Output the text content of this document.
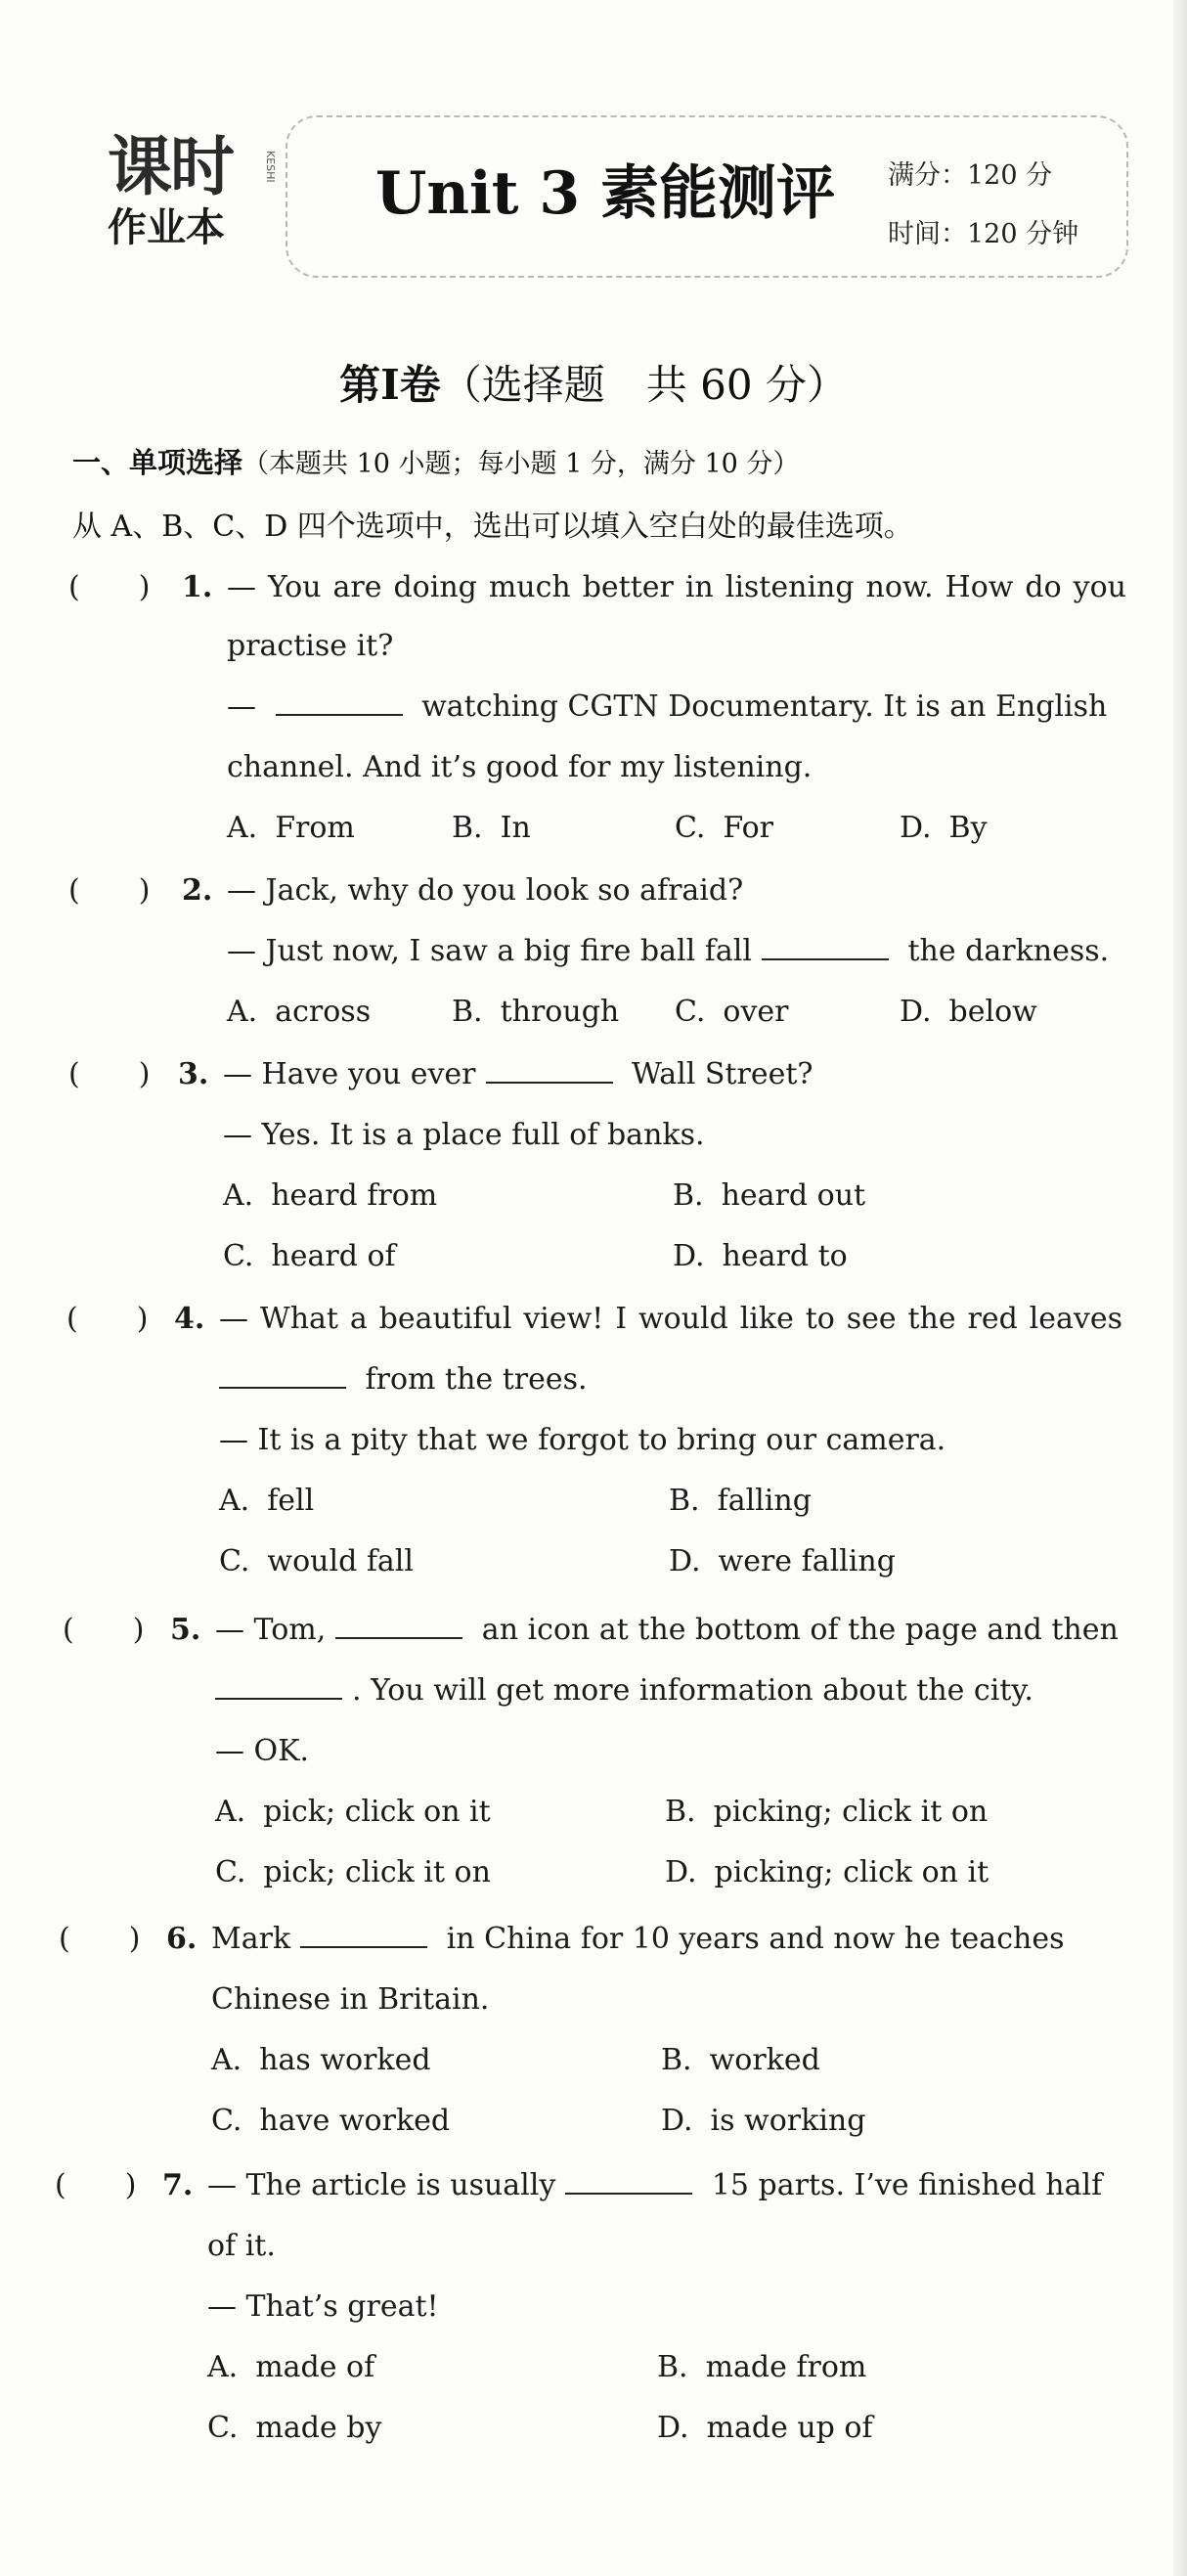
课时	KESHI
作业本	Unit 3 素能测评 满分：120 分
时间：120 分钟
第Ⅰ卷（选择题　共 60 分）
一、单项选择（本题共 10 小题；每小题 1 分，满分 10 分）
从 A、B、C、D 四个选项中，选出可以填入空白处的最佳选项。
(　　) 1. — You are doing much better in listening now. How do you
practise it?
—	watching CGTN Documentary. It is an English
channel. And it’s good for my listening.
A. From	B. In	C. For	D. By
(　　) 2. — Jack, why do you look so afraid?
— Just now, I saw a big fire ball fall	the darkness.
A. across	B. through C. over	D. below
(　　) 3. — Have you ever	Wall Street?
— Yes. It is a place full of banks.
A. heard from	B. heard out
C. heard of	D. heard to
(　　) 4. — What a beautiful view! I would like to see the red leaves
from the trees.
— It is a pity that we forgot to bring our camera.
A. fell	B. falling
C. would fall	D. were falling
(　　) 5. — Tom,	an icon at the bottom of the page and then
. You will get more information about the city.
— OK.
A. pick; click on it	B. picking; click it on
C. pick; click it on	D. picking; click on it
(　　) 6. Mark	in China for 10 years and now he teaches
Chinese in Britain.
A. has worked	B. worked
C. have worked	D. is working
(　　) 7. — The article is usually	15 parts. I’ve finished half
of it.
— That’s great!
A. made of	B. made from
C. made by	D. made up of
